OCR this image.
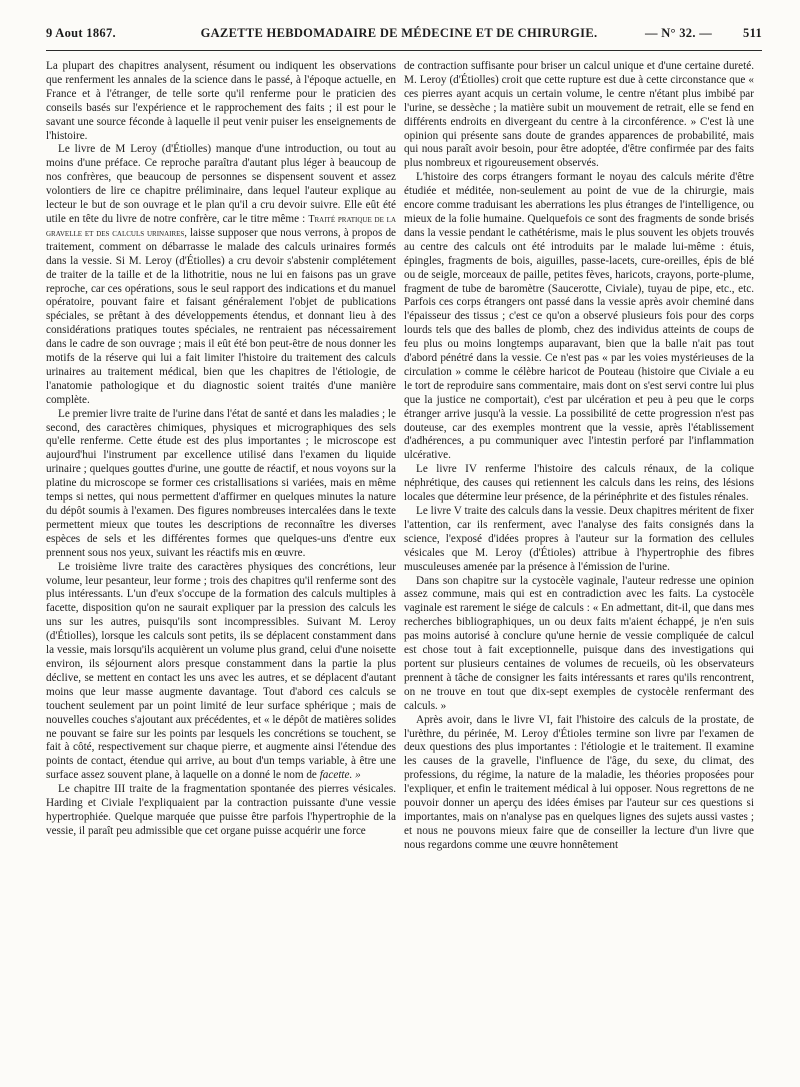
9 Aout 1867.	GAZETTE HEBDOMADAIRE DE MÉDECINE ET DE CHIRURGIE.	— N° 32. —	511

La plupart des chapitres analysent, résument ou indiquent les observations que renferment les annales de la science dans le passé, à l'époque actuelle, en France et à l'étranger, de telle sorte qu'il renferme pour le praticien des conseils basés sur l'expérience et le rapprochement des faits ; il est pour le savant une source féconde à laquelle il peut venir puiser les enseignements de l'histoire.

Le livre de M Leroy (d'Étiolles) manque d'une introduction, ou tout au moins d'une préface. Ce reproche paraîtra d'autant plus léger à beaucoup de nos confrères, que beaucoup de personnes se dispensent souvent et assez volontiers de lire ce chapitre préliminaire, dans lequel l'auteur explique au lecteur le but de son ouvrage et le plan qu'il a cru devoir suivre. Elle eût été utile en tête du livre de notre confrère, car le titre même : Traité pratique de la gravelle et des calculs urinaires, laisse supposer que nous verrons, à propos de traitement, comment on débarrasse le malade des calculs urinaires formés dans la vessie. Si M. Leroy (d'Étiolles) a cru devoir s'abstenir complétement de traiter de la taille et de la lithotritie, nous ne lui en faisons pas un grave reproche, car ces opérations, sous le seul rapport des indications et du manuel opératoire, pouvant faire et faisant généralement l'objet de publications spéciales, se prêtant à des développements étendus, et donnant lieu à des considérations pratiques toutes spéciales, ne rentraient pas nécessairement dans le cadre de son ouvrage ; mais il eût été bon peut-être de nous donner les motifs de la réserve qui lui a fait limiter l'histoire du traitement des calculs urinaires au traitement médical, bien que les chapitres de l'étiologie, de l'anatomie pathologique et du diagnostic soient traités d'une manière complète.

Le premier livre traite de l'urine dans l'état de santé et dans les maladies ; le second, des caractères chimiques, physiques et micrographiques des sels qu'elle renferme. Cette étude est des plus importantes ; le microscope est aujourd'hui l'instrument par excellence utilisé dans l'examen du liquide urinaire ; quelques gouttes d'urine, une goutte de réactif, et nous voyons sur la platine du microscope se former ces cristallisations si variées, mais en même temps si nettes, qui nous permettent d'affirmer en quelques minutes la nature du dépôt soumis à l'examen. Des figures nombreuses intercalées dans le texte permettent mieux que toutes les descriptions de reconnaître les diverses espèces de sels et les différentes formes que quelques-uns d'entre eux prennent sous nos yeux, suivant les réactifs mis en œuvre.

Le troisième livre traite des caractères physiques des concrétions, leur volume, leur pesanteur, leur forme ; trois des chapitres qu'il renferme sont des plus intéressants. L'un d'eux s'occupe de la formation des calculs multiples à facette, disposition qu'on ne saurait expliquer par la pression des calculs les uns sur les autres, puisqu'ils sont incompressibles. Suivant M. Leroy (d'Étiolles), lorsque les calculs sont petits, ils se déplacent constamment dans la vessie, mais lorsqu'ils acquièrent un volume plus grand, celui d'une noisette environ, ils séjournent alors presque constamment dans la partie la plus déclive, se mettent en contact les uns avec les autres, et se déplacent d'autant moins que leur masse augmente davantage. Tout d'abord ces calculs se touchent seulement par un point limité de leur surface sphérique ; mais de nouvelles couches s'ajoutant aux précédentes, et « le dépôt de matières solides ne pouvant se faire sur les points par lesquels les concrétions se touchent, se fait à côté, respectivement sur chaque pierre, et augmente ainsi l'étendue des points de contact, étendue qui arrive, au bout d'un temps variable, à être une surface assez souvent plane, à laquelle on a donné le nom de facette. »

Le chapitre III traite de la fragmentation spontanée des pierres vésicales. Harding et Civiale l'expliquaient par la contraction puissante d'une vessie hypertrophiée. Quelque marquée que puisse être parfois l'hypertrophie de la vessie, il paraît peu admissible que cet organe puisse acquérir une force

de contraction suffisante pour briser un calcul unique et d'une certaine dureté. M. Leroy (d'Étiolles) croit que cette rupture est due à cette circonstance que « ces pierres ayant acquis un certain volume, le centre n'étant plus imbibé par l'urine, se dessèche ; la matière subit un mouvement de retrait, elle se fend en différents endroits en divergeant du centre à la circonférence. » C'est là une opinion qui présente sans doute de grandes apparences de probabilité, mais qui nous paraît avoir besoin, pour être adoptée, d'être confirmée par des faits plus nombreux et rigoureusement observés.

L'histoire des corps étrangers formant le noyau des calculs mérite d'être étudiée et méditée, non-seulement au point de vue de la chirurgie, mais encore comme traduisant les aberrations les plus étranges de l'intelligence, ou mieux de la folie humaine. Quelquefois ce sont des fragments de sonde brisés dans la vessie pendant le cathétérisme, mais le plus souvent les objets trouvés au centre des calculs ont été introduits par le malade lui-même : étuis, épingles, fragments de bois, aiguilles, passe-lacets, cure-oreilles, épis de blé ou de seigle, morceaux de paille, petites fèves, haricots, crayons, porte-plume, fragment de tube de baromètre (Saucerotte, Civiale), tuyau de pipe, etc., etc. Parfois ces corps étrangers ont passé dans la vessie après avoir cheminé dans l'épaisseur des tissus ; c'est ce qu'on a observé plusieurs fois pour des corps lourds tels que des balles de plomb, chez des individus atteints de coups de feu plus ou moins longtemps auparavant, bien que la balle n'ait pas tout d'abord pénétré dans la vessie. Ce n'est pas « par les voies mystérieuses de la circulation » comme le célèbre haricot de Pouteau (histoire que Civiale a eu le tort de reproduire sans commentaire, mais dont on s'est servi contre lui plus que la justice ne comportait), c'est par ulcération et peu à peu que le corps étranger arrive jusqu'à la vessie. La possibilité de cette progression n'est pas douteuse, car des exemples montrent que la vessie, après l'établissement d'adhérences, a pu communiquer avec l'intestin perforé par l'inflammation ulcérative.

Le livre IV renferme l'histoire des calculs rénaux, de la colique néphrétique, des causes qui retiennent les calculs dans les reins, des lésions locales que détermine leur présence, de la périnéphrite et des fistules rénales.

Le livre V traite des calculs dans la vessie. Deux chapitres méritent de fixer l'attention, car ils renferment, avec l'analyse des faits consignés dans la science, l'exposé d'idées propres à l'auteur sur la formation des cellules vésicales que M. Leroy (d'Étioles) attribue à l'hypertrophie des fibres musculeuses amenée par la présence à l'émission de l'urine.

Dans son chapitre sur la cystocèle vaginale, l'auteur redresse une opinion assez commune, mais qui est en contradiction avec les faits. La cystocèle vaginale est rarement le siége de calculs : « En admettant, dit-il, que dans mes recherches bibliographiques, un ou deux faits m'aient échappé, je n'en suis pas moins autorisé à conclure qu'une hernie de vessie compliquée de calcul est chose tout à fait exceptionnelle, puisque dans des investigations qui portent sur plusieurs centaines de volumes de recueils, où les observateurs prennent à tâche de consigner les faits intéressants et rares qu'ils rencontrent, on ne trouve en tout que dix-sept exemples de cystocèle renfermant des calculs. »

Après avoir, dans le livre VI, fait l'histoire des calculs de la prostate, de l'urèthre, du périnée, M. Leroy d'Étioles termine son livre par l'examen de deux questions des plus importantes : l'étiologie et le traitement. Il examine les causes de la gravelle, l'influence de l'âge, du sexe, du climat, des professions, du régime, la nature de la maladie, les théories proposées pour l'expliquer, et enfin le traitement médical à lui opposer. Nous regrettons de ne pouvoir donner un aperçu des idées émises par l'auteur sur ces questions si importantes, mais on n'analyse pas en quelques lignes des sujets aussi vastes ; et nous ne pouvons mieux faire que de conseiller la lecture d'un livre que nous regardons comme une œuvre honnêtement
